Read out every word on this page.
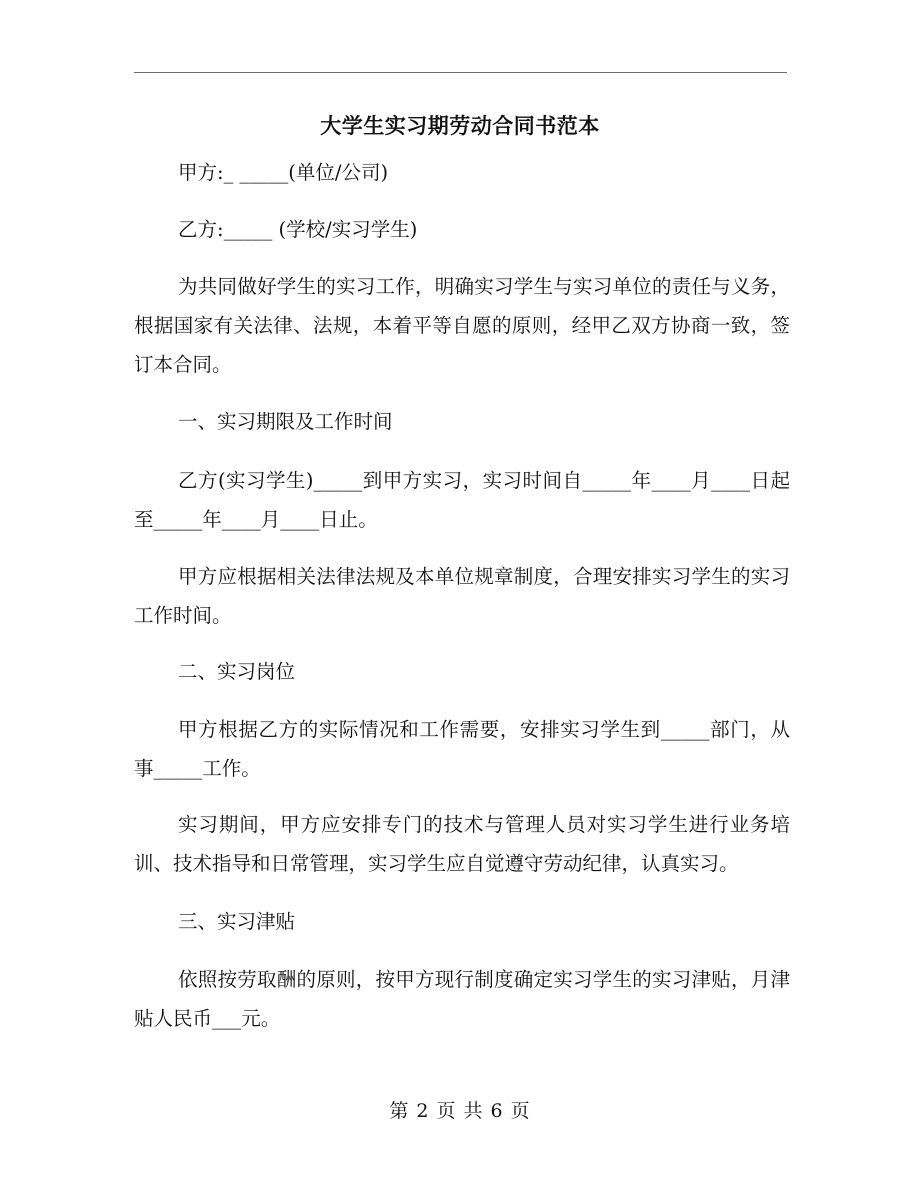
大学生实习期劳动合同书范本

甲方:_ _____(单位/公司)

乙方:_____ (学校/实习学生)

为共同做好学生的实习工作，明确实习学生与实习单位的责任与义务，根据国家有关法律、法规，本着平等自愿的原则，经甲乙双方协商一致，签订本合同。

一、实习期限及工作时间

乙方(实习学生)_____到甲方实习，实习时间自_____年____月____日起至_____年____月____日止。

甲方应根据相关法律法规及本单位规章制度，合理安排实习学生的实习工作时间。

二、实习岗位

甲方根据乙方的实际情况和工作需要，安排实习学生到_____部门，从事_____工作。

实习期间，甲方应安排专门的技术与管理人员对实习学生进行业务培训、技术指导和日常管理，实习学生应自觉遵守劳动纪律，认真实习。

三、实习津贴

依照按劳取酬的原则，按甲方现行制度确定实习学生的实习津贴，月津贴人民币___元。

第 2 页 共 6 页
